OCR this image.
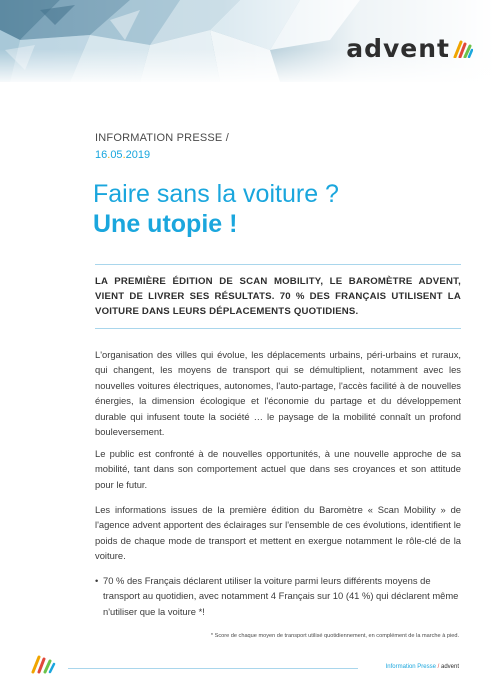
advent
INFORMATION PRESSE /
16.05.2019
Faire sans la voiture ?
Une utopie !
LA PREMIÈRE ÉDITION DE SCAN MOBILITY, LE BAROMÈTRE ADVENT, VIENT DE LIVRER SES RÉSULTATS. 70 % DES FRANÇAIS UTILISENT LA VOITURE DANS LEURS DÉPLACEMENTS QUOTIDIENS.
L'organisation des villes qui évolue, les déplacements urbains, péri-urbains et ruraux, qui changent, les moyens de transport qui se démultiplient, notamment avec les nouvelles voitures électriques, autonomes, l'auto-partage, l'accès facilité à de nouvelles énergies, la dimension écologique et l'économie du partage et du développement durable qui infusent toute la société … le paysage de la mobilité connaît un profond bouleversement.
Le public est confronté à de nouvelles opportunités, à une nouvelle approche de sa mobilité, tant dans son comportement actuel que dans ses croyances et son attitude pour le futur.
Les informations issues de la première édition du Baromètre « Scan Mobility » de l'agence advent apportent des éclairages sur l'ensemble de ces évolutions, identifient le poids de chaque mode de transport et mettent en exergue notamment le rôle-clé de la voiture.
• 70 % des Français déclarent utiliser la voiture parmi leurs différents moyens de transport au quotidien, avec notamment 4 Français sur 10 (41 %) qui déclarent même n'utiliser que la voiture *!
* Score de chaque moyen de transport utilisé quotidiennement, en complément de la marche à pied.
Information Presse / advent
